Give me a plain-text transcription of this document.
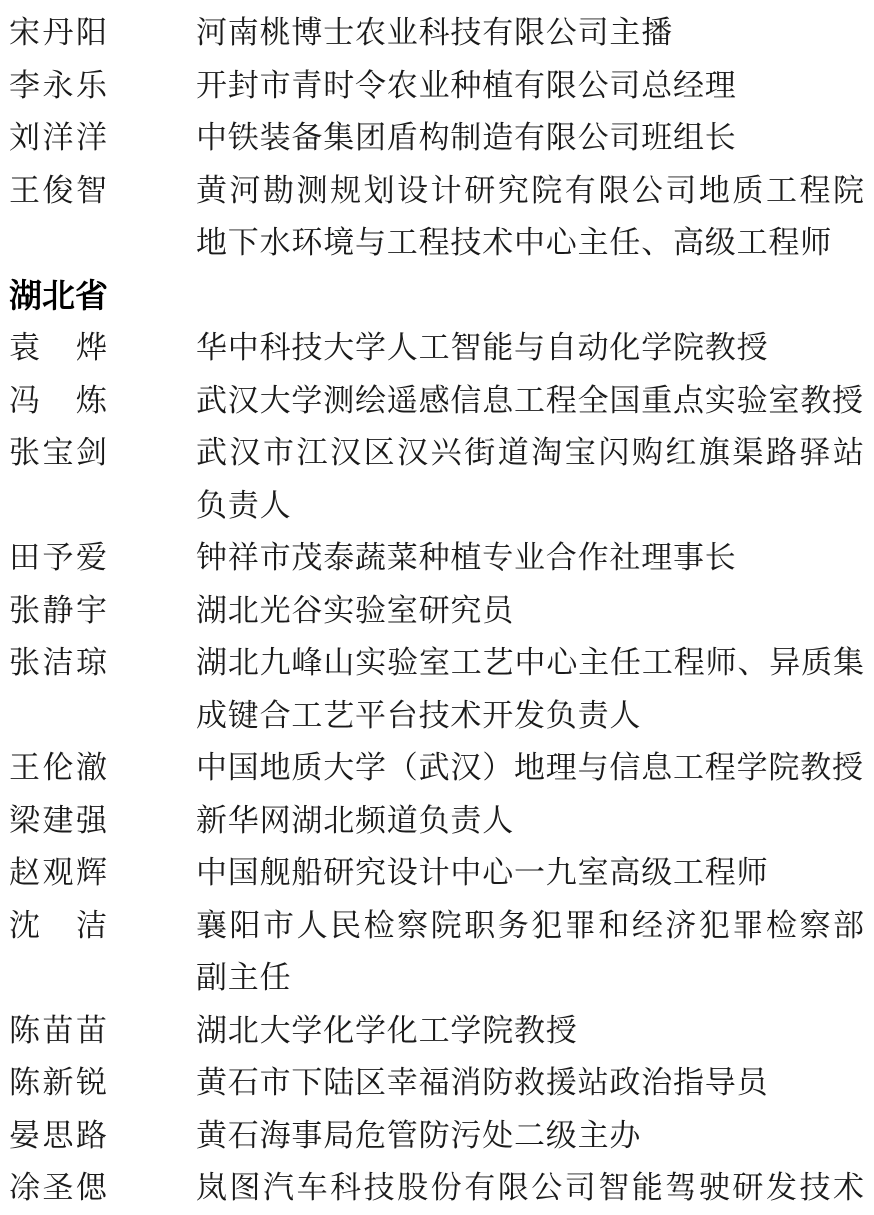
宋丹阳	河南桃博士农业科技有限公司主播
李永乐	开封市青时令农业种植有限公司总经理
刘洋洋	中铁装备集团盾构制造有限公司班组长
王俊智	黄河勘测规划设计研究院有限公司地质工程院
地下水环境与工程技术中心主任、高级工程师
湖北省
袁　烨	华中科技大学人工智能与自动化学院教授
冯　炼	武汉大学测绘遥感信息工程全国重点实验室教授
张宝剑	武汉市江汉区汉兴街道淘宝闪购红旗渠路驿站
负责人
田予爱	钟祥市茂泰蔬菜种植专业合作社理事长
张静宇	湖北光谷实验室研究员
张洁琼	湖北九峰山实验室工艺中心主任工程师、异质集
成键合工艺平台技术开发负责人
王伦澈	中国地质大学（武汉）地理与信息工程学院教授
梁建强	新华网湖北频道负责人
赵观辉	中国舰船研究设计中心一九室高级工程师
沈　洁	襄阳市人民检察院职务犯罪和经济犯罪检察部
副主任
陈苗苗	湖北大学化学化工学院教授
陈新锐	黄石市下陆区幸福消防救援站政治指导员
晏思路	黄石海事局危管防污处二级主办
凃圣偲	岚图汽车科技股份有限公司智能驾驶研发技术
